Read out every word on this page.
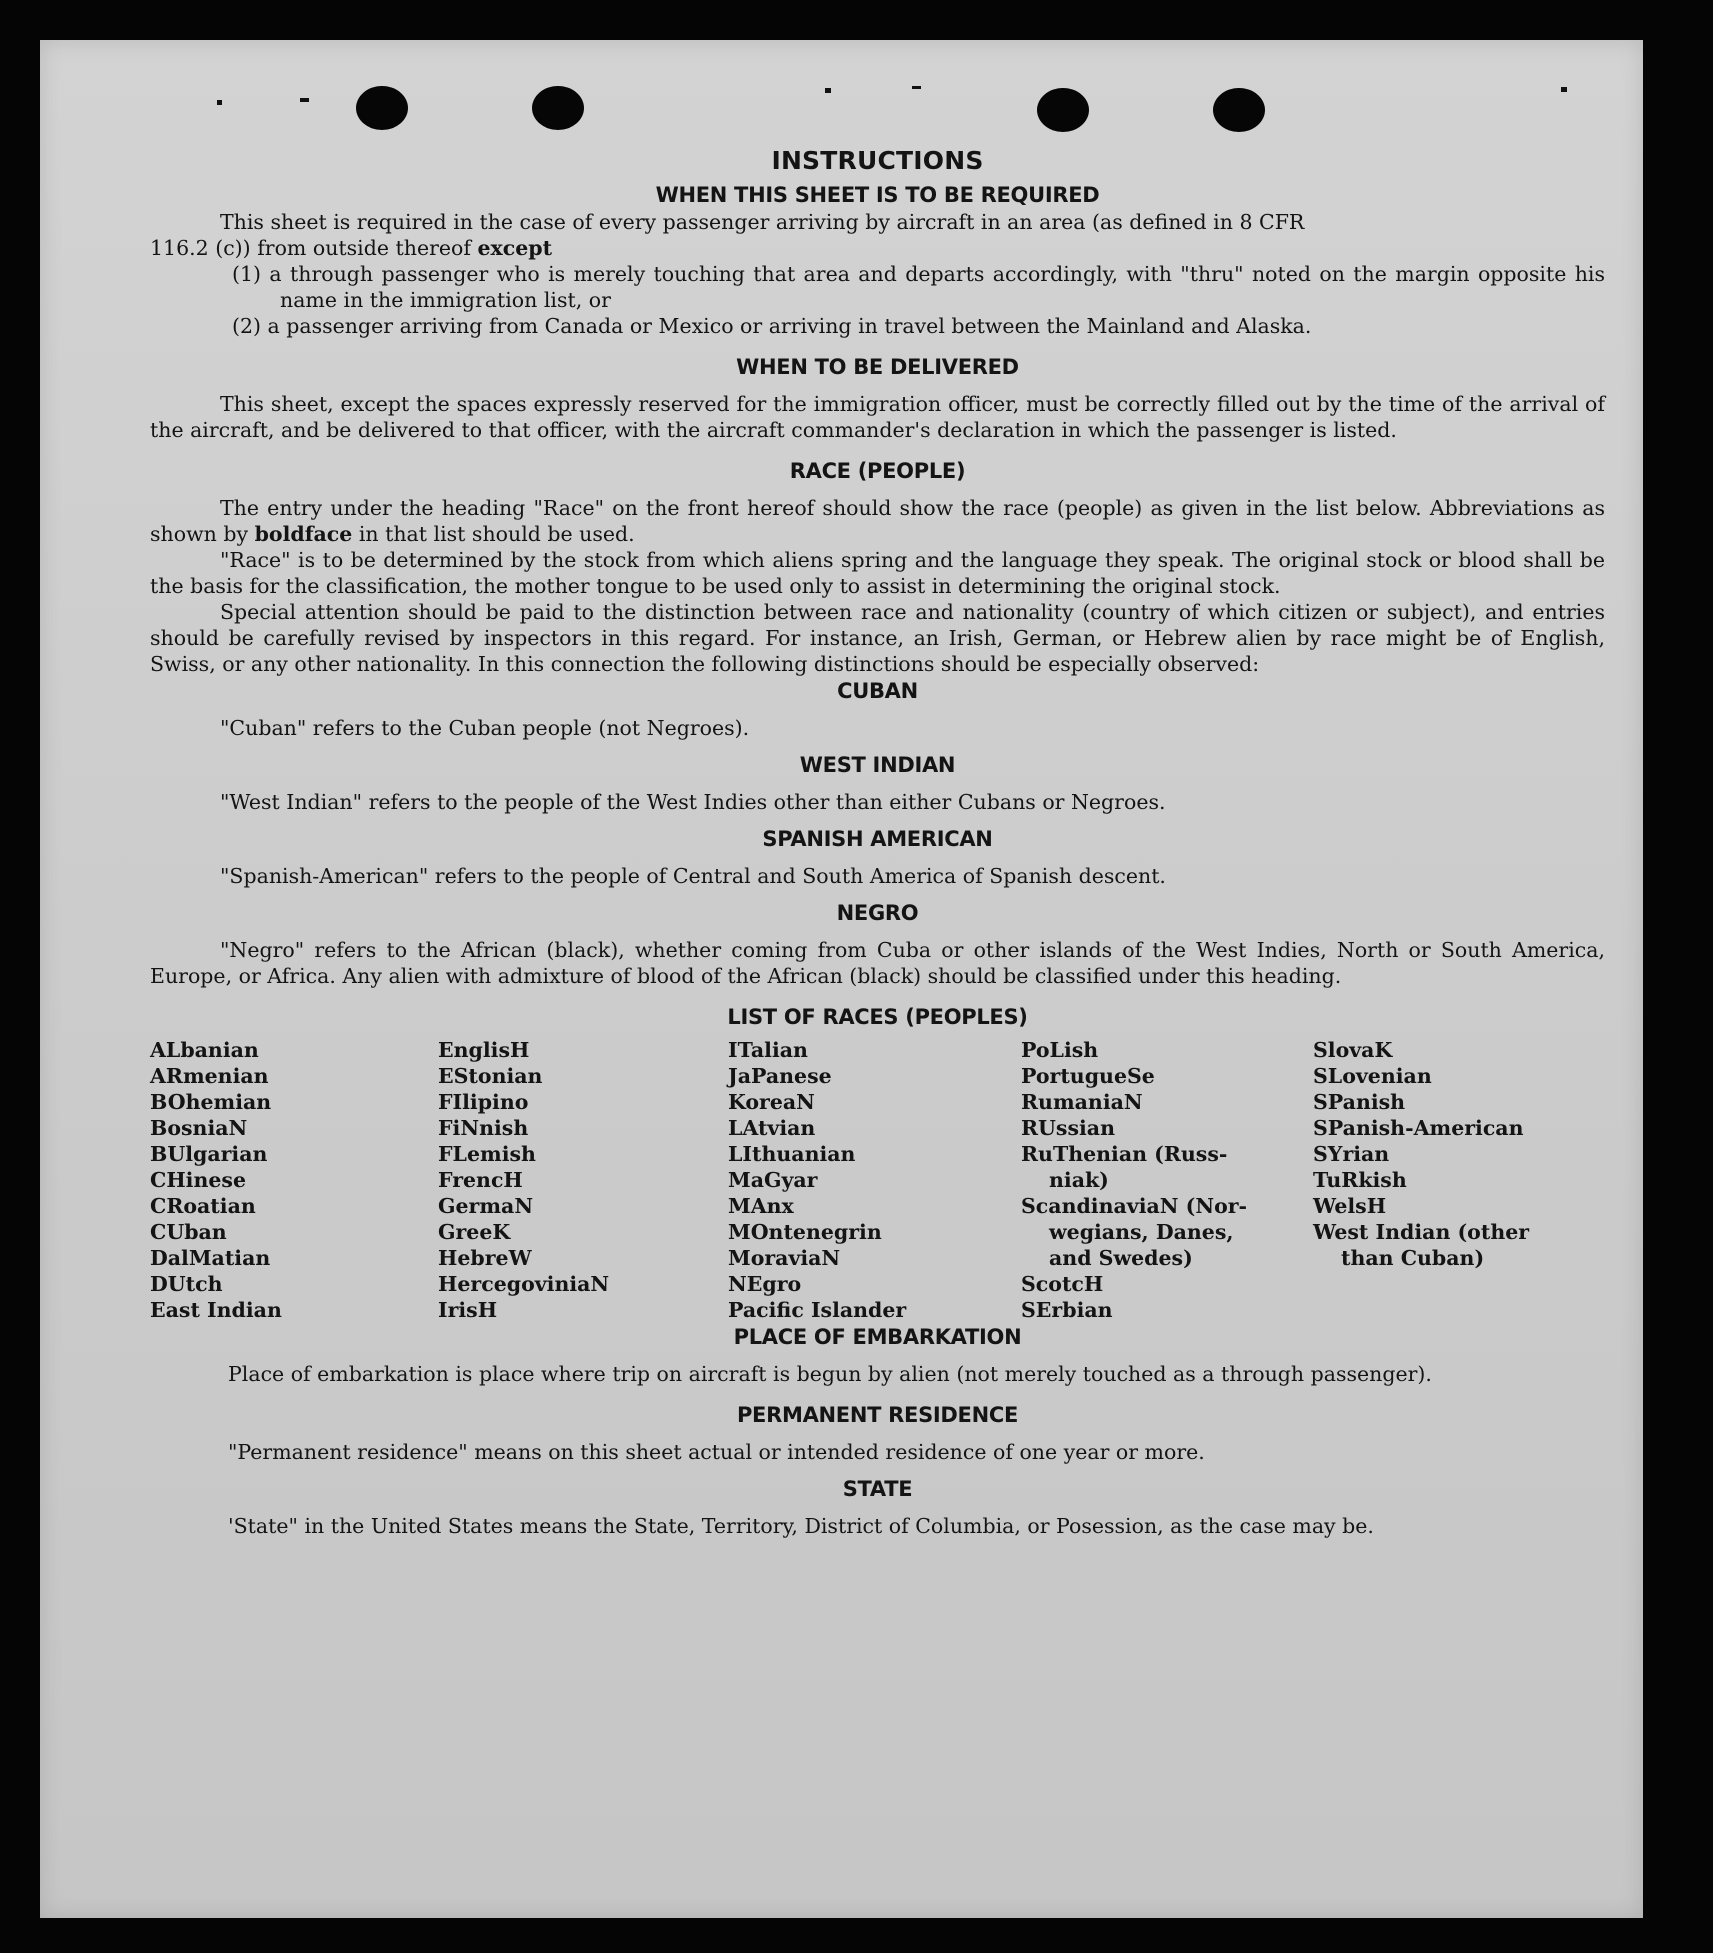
INSTRUCTIONS
WHEN THIS SHEET IS TO BE REQUIRED

This sheet is required in the case of every passenger arriving by aircraft in an area (as defined in 8 CFR

116.2 (c)) from outside thereof except

(1) a through passenger who is merely touching that area and departs accordingly, with "thru" noted on the margin opposite his name in the immigration list, or

(2) a passenger arriving from Canada or Mexico or arriving in travel between the Mainland and Alaska.

WHEN TO BE DELIVERED

This sheet, except the spaces expressly reserved for the immigration officer, must be correctly filled out by the time of the arrival of the aircraft, and be delivered to that officer, with the aircraft commander's declaration in which the passenger is listed.

RACE (PEOPLE)

The entry under the heading "Race" on the front hereof should show the race (people) as given in the list below. Abbreviations as shown by boldface in that list should be used.

"Race" is to be determined by the stock from which aliens spring and the language they speak. The original stock or blood shall be the basis for the classification, the mother tongue to be used only to assist in determining the original stock.

Special attention should be paid to the distinction between race and nationality (country of which citizen or subject), and entries should be carefully revised by inspectors in this regard. For instance, an Irish, German, or Hebrew alien by race might be of English, Swiss, or any other nationality. In this connection the following distinctions should be especially observed:

CUBAN

"Cuban" refers to the Cuban people (not Negroes).

WEST INDIAN

"West Indian" refers to the people of the West Indies other than either Cubans or Negroes.

SPANISH AMERICAN

"Spanish-American" refers to the people of Central and South America of Spanish descent.

NEGRO

"Negro" refers to the African (black), whether coming from Cuba or other islands of the West Indies, North or South America, Europe, or Africa. Any alien with admixture of blood of the African (black) should be classified under this heading.

LIST OF RACES (PEOPLES)
ALbanian
ARmenian
BOhemian
BosniaN
BUlgarian
CHinese
CRoatian
CUban
DalMatian
DUtch
East Indian
EnglisH
EStonian
FIlipino
FiNnish
FLemish
FrencH
GermaN
GreeK
HebreW
HercegoviniaN
IrisH
ITalian
JaPanese
KoreaN
LAtvian
LIthuanian
MaGyar
MAnx
MOntenegrin
MoraviaN
NEgro
Pacific Islander
PoLish
PortugueSe
RumaniaN
RUssian
RuThenian (Russ-
niak)
ScandinaviaN (Nor-
wegians, Danes,
and Swedes)
ScotcH
SErbian
SlovaK
SLovenian
SPanish
SPanish-American
SYrian
TuRkish
WelsH
West Indian (other
than Cuban)
PLACE OF EMBARKATION

Place of embarkation is place where trip on aircraft is begun by alien (not merely touched as a through passenger).

PERMANENT RESIDENCE

"Permanent residence" means on this sheet actual or intended residence of one year or more.

STATE

'State" in the United States means the State, Territory, District of Columbia, or Posession, as the case may be.
